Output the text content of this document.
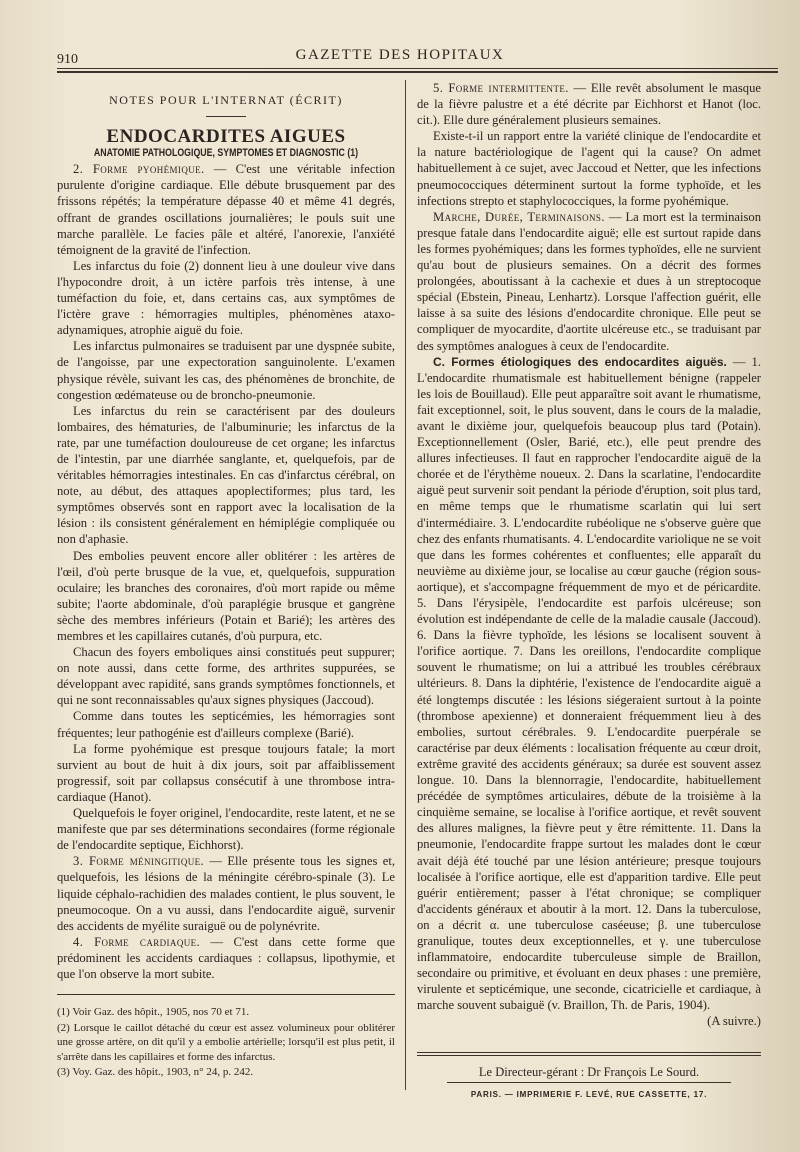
910	GAZETTE DES HOPITAUX

NOTES POUR L'INTERNAT (ÉCRIT)

ENDOCARDITES AIGUES

ANATOMIE PATHOLOGIQUE, SYMPTOMES ET DIAGNOSTIC (1)

2. Forme pyohémique. — C'est une véritable infection purulente d'origine cardiaque. Elle débute brusquement par des frissons répétés; la température dépasse 40 et même 41 degrés, offrant de grandes oscillations journalières; le pouls suit une marche parallèle. Le facies pâle et altéré, l'anorexie, l'anxiété témoignent de la gravité de l'infection.

Les infarctus du foie (2) donnent lieu à une douleur vive dans l'hypocondre droit, à un ictère parfois très intense, à une tuméfaction du foie, et, dans certains cas, aux symptômes de l'ictère grave : hémorragies multiples, phénomènes ataxo-adynamiques, atrophie aiguë du foie.

Les infarctus pulmonaires se traduisent par une dyspnée subite, de l'angoisse, par une expectoration sanguinolente. L'examen physique révèle, suivant les cas, des phénomènes de bronchite, de congestion œdémateuse ou de broncho-pneumonie.

Les infarctus du rein se caractérisent par des douleurs lombaires, des hématuries, de l'albuminurie; les infarctus de la rate, par une tuméfaction douloureuse de cet organe; les infarctus de l'intestin, par une diarrhée sanglante, et, quelquefois, par de véritables hémorragies intestinales. En cas d'infarctus cérébral, on note, au début, des attaques apoplectiformes; plus tard, les symptômes observés sont en rapport avec la localisation de la lésion : ils consistent généralement en hémiplégie compliquée ou non d'aphasie.

Des embolies peuvent encore aller oblitérer : les artères de l'œil, d'où perte brusque de la vue, et, quelquefois, suppuration oculaire; les branches des coronaires, d'où mort rapide ou même subite; l'aorte abdominale, d'où paraplégie brusque et gangrène sèche des membres inférieurs (Potain et Barié); les artères des membres et les capillaires cutanés, d'où purpura, etc.

Chacun des foyers emboliques ainsi constitués peut suppurer; on note aussi, dans cette forme, des arthrites suppurées, se développant avec rapidité, sans grands symptômes fonctionnels, et qui ne sont reconnaissables qu'aux signes physiques (Jaccoud).

Comme dans toutes les septicémies, les hémorragies sont fréquentes; leur pathogénie est d'ailleurs complexe (Barié).

La forme pyohémique est presque toujours fatale; la mort survient au bout de huit à dix jours, soit par affaiblissement progressif, soit par collapsus consécutif à une thrombose intra-cardiaque (Hanot).

Quelquefois le foyer originel, l'endocardite, reste latent, et ne se manifeste que par ses déterminations secondaires (forme régionale de l'endocardite septique, Eichhorst).

3. Forme méningitique. — Elle présente tous les signes et, quelquefois, les lésions de la méningite cérébro-spinale (3). Le liquide céphalo-rachidien des malades contient, le plus souvent, le pneumocoque. On a vu aussi, dans l'endocardite aiguë, survenir des accidents de myélite suraiguë ou de polynévrite.

4. Forme cardiaque. — C'est dans cette forme que prédominent les accidents cardiaques : collapsus, lipothymie, et que l'on observe la mort subite.

(1) Voir Gaz. des hôpit., 1905, nos 70 et 71.

(2) Lorsque le caillot détaché du cœur est assez volumineux pour oblitérer une grosse artère, on dit qu'il y a embolie artérielle; lorsqu'il est plus petit, il s'arrête dans les capillaires et forme des infarctus.

(3) Voy. Gaz. des hôpit., 1903, n° 24, p. 242.

5. Forme intermittente. — Elle revêt absolument le masque de la fièvre palustre et a été décrite par Eichhorst et Hanot (loc. cit.). Elle dure généralement plusieurs semaines.

Existe-t-il un rapport entre la variété clinique de l'endocardite et la nature bactériologique de l'agent qui la cause? On admet habituellement à ce sujet, avec Jaccoud et Netter, que les infections pneumococciques déterminent surtout la forme typhoïde, et les infections strepto et staphylococciques, la forme pyohémique.

Marche, Durée, Terminaisons. — La mort est la terminaison presque fatale dans l'endocardite aiguë; elle est surtout rapide dans les formes pyohémiques; dans les formes typhoïdes, elle ne survient qu'au bout de plusieurs semaines. On a décrit des formes prolongées, aboutissant à la cachexie et dues à un streptocoque spécial (Ebstein, Pineau, Lenhartz). Lorsque l'affection guérit, elle laisse à sa suite des lésions d'endocardite chronique. Elle peut se compliquer de myocardite, d'aortite ulcéreuse etc., se traduisant par des symptômes analogues à ceux de l'endocardite.

C. Formes étiologiques des endocardites aiguës. — 1. L'endocardite rhumatismale est habituellement bénigne (rappeler les lois de Bouillaud). Elle peut apparaître soit avant le rhumatisme, fait exceptionnel, soit, le plus souvent, dans le cours de la maladie, avant le dixième jour, quelquefois beaucoup plus tard (Potain). Exceptionnellement (Osler, Barié, etc.), elle peut prendre des allures infectieuses. Il faut en rapprocher l'endocardite aiguë de la chorée et de l'érythème noueux. 2. Dans la scarlatine, l'endocardite aiguë peut survenir soit pendant la période d'éruption, soit plus tard, en même temps que le rhumatisme scarlatin qui lui sert d'intermédiaire. 3. L'endocardite rubéolique ne s'observe guère que chez des enfants rhumatisants. 4. L'endocardite variolique ne se voit que dans les formes cohérentes et confluentes; elle apparaît du neuvième au dixième jour, se localise au cœur gauche (région sous-aortique), et s'accompagne fréquemment de myo et de péricardite. 5. Dans l'érysipèle, l'endocardite est parfois ulcéreuse; son évolution est indépendante de celle de la maladie causale (Jaccoud). 6. Dans la fièvre typhoïde, les lésions se localisent souvent à l'orifice aortique. 7. Dans les oreillons, l'endocardite complique souvent le rhumatisme; on lui a attribué les troubles cérébraux ultérieurs. 8. Dans la diphtérie, l'existence de l'endocardite aiguë a été longtemps discutée : les lésions siégeraient surtout à la pointe (thrombose apexienne) et donneraient fréquemment lieu à des embolies, surtout cérébrales. 9. L'endocardite puerpérale se caractérise par deux éléments : localisation fréquente au cœur droit, extrême gravité des accidents généraux; sa durée est souvent assez longue. 10. Dans la blennorragie, l'endocardite, habituellement précédée de symptômes articulaires, débute de la troisième à la cinquième semaine, se localise à l'orifice aortique, et revêt souvent des allures malignes, la fièvre peut y être rémittente. 11. Dans la pneumonie, l'endocardite frappe surtout les malades dont le cœur avait déjà été touché par une lésion antérieure; presque toujours localisée à l'orifice aortique, elle est d'apparition tardive. Elle peut guérir entièrement; passer à l'état chronique; se compliquer d'accidents généraux et aboutir à la mort. 12. Dans la tuberculose, on a décrit α. une tuberculose caséeuse; β. une tuberculose granulique, toutes deux exceptionnelles, et γ. une tuberculose inflammatoire, endocardite tuberculeuse simple de Braillon, secondaire ou primitive, et évoluant en deux phases : une première, virulente et septicémique, une seconde, cicatricielle et cardiaque, à marche souvent subaiguë (v. Braillon, Th. de Paris, 1904).

(A suivre.)

Le Directeur-gérant : Dr François Le Sourd.

PARIS. — IMPRIMERIE F. LEVÉ, RUE CASSETTE, 17.
